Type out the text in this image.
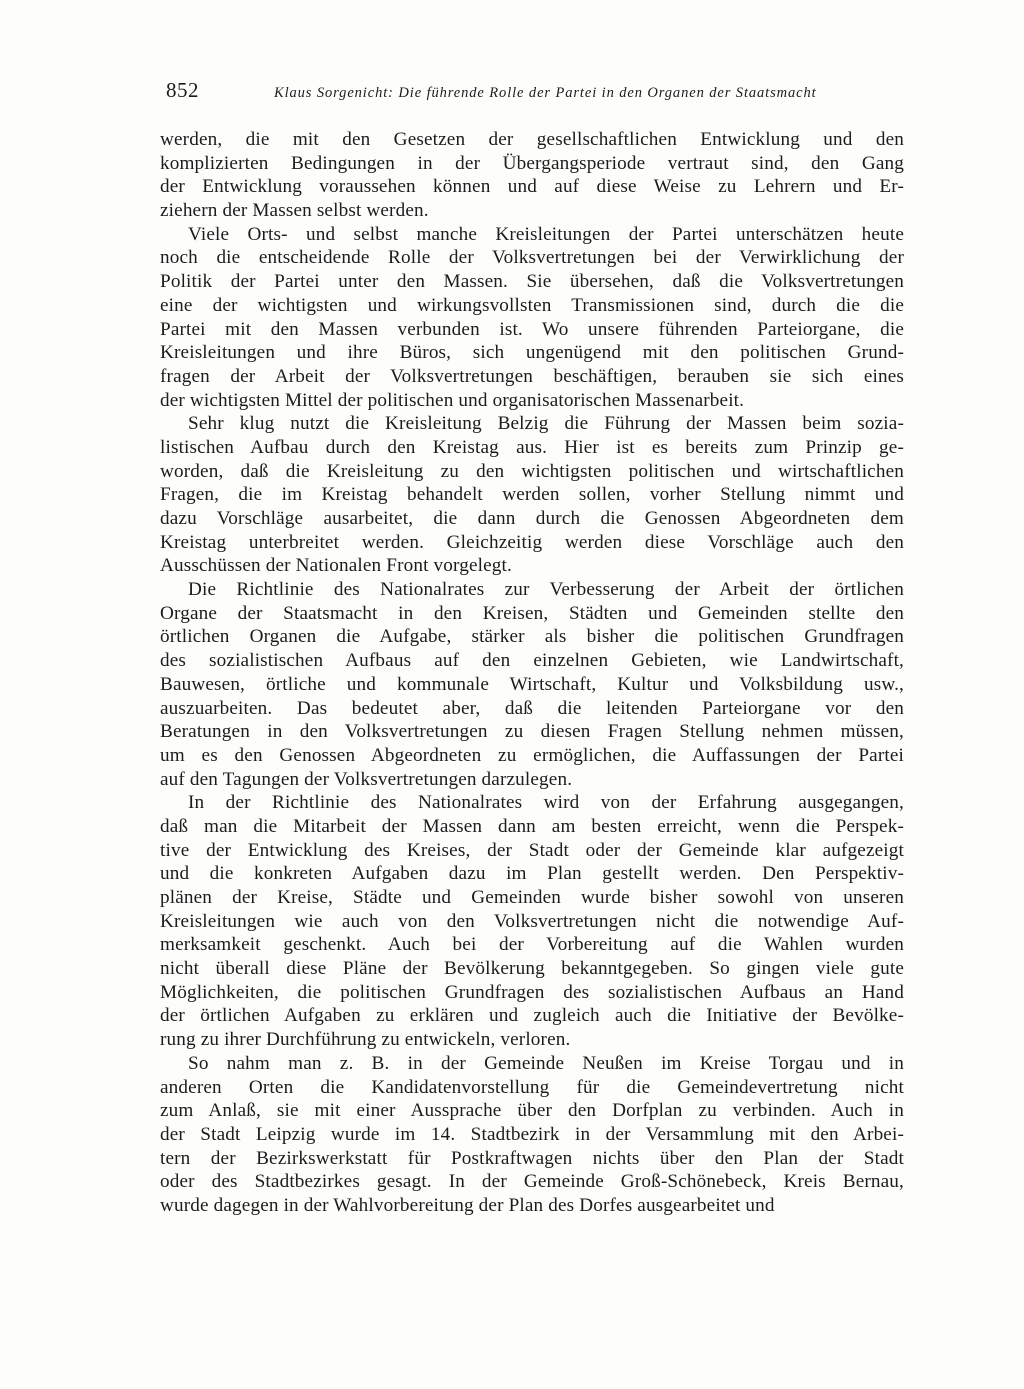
852	Klaus Sorgenicht: Die führende Rolle der Partei in den Organen der Staatsmacht
werden, die mit den Gesetzen der gesellschaftlichen Entwicklung und den
komplizierten Bedingungen in der Übergangsperiode vertraut sind, den Gang
der Entwicklung voraussehen können und auf diese Weise zu Lehrern und Er-
ziehern der Massen selbst werden.
Viele Orts- und selbst manche Kreisleitungen der Partei unterschätzen heute
noch die entscheidende Rolle der Volksvertretungen bei der Verwirklichung der
Politik der Partei unter den Massen. Sie übersehen, daß die Volksvertretungen
eine der wichtigsten und wirkungsvollsten Transmissionen sind, durch die die
Partei mit den Massen verbunden ist. Wo unsere führenden Parteiorgane, die
Kreisleitungen und ihre Büros, sich ungenügend mit den politischen Grund-
fragen der Arbeit der Volksvertretungen beschäftigen, berauben sie sich eines
der wichtigsten Mittel der politischen und organisatorischen Massenarbeit.
Sehr klug nutzt die Kreisleitung Belzig die Führung der Massen beim sozia-
listischen Aufbau durch den Kreistag aus. Hier ist es bereits zum Prinzip ge-
worden, daß die Kreisleitung zu den wichtigsten politischen und wirtschaftlichen
Fragen, die im Kreistag behandelt werden sollen, vorher Stellung nimmt und
dazu Vorschläge ausarbeitet, die dann durch die Genossen Abgeordneten dem
Kreistag unterbreitet werden. Gleichzeitig werden diese Vorschläge auch den
Ausschüssen der Nationalen Front vorgelegt.
Die Richtlinie des Nationalrates zur Verbesserung der Arbeit der örtlichen
Organe der Staatsmacht in den Kreisen, Städten und Gemeinden stellte den
örtlichen Organen die Aufgabe, stärker als bisher die politischen Grundfragen
des sozialistischen Aufbaus auf den einzelnen Gebieten, wie Landwirtschaft,
Bauwesen, örtliche und kommunale Wirtschaft, Kultur und Volksbildung usw.,
auszuarbeiten. Das bedeutet aber, daß die leitenden Parteiorgane vor den
Beratungen in den Volksvertretungen zu diesen Fragen Stellung nehmen müssen,
um es den Genossen Abgeordneten zu ermöglichen, die Auffassungen der Partei
auf den Tagungen der Volksvertretungen darzulegen.
In der Richtlinie des Nationalrates wird von der Erfahrung ausgegangen,
daß man die Mitarbeit der Massen dann am besten erreicht, wenn die Perspek-
tive der Entwicklung des Kreises, der Stadt oder der Gemeinde klar aufgezeigt
und die konkreten Aufgaben dazu im Plan gestellt werden. Den Perspektiv-
plänen der Kreise, Städte und Gemeinden wurde bisher sowohl von unseren
Kreisleitungen wie auch von den Volksvertretungen nicht die notwendige Auf-
merksamkeit geschenkt. Auch bei der Vorbereitung auf die Wahlen wurden
nicht überall diese Pläne der Bevölkerung bekanntgegeben. So gingen viele gute
Möglichkeiten, die politischen Grundfragen des sozialistischen Aufbaus an Hand
der örtlichen Aufgaben zu erklären und zugleich auch die Initiative der Bevölke-
rung zu ihrer Durchführung zu entwickeln, verloren.
So nahm man z. B. in der Gemeinde Neußen im Kreise Torgau und in
anderen Orten die Kandidatenvorstellung für die Gemeindevertretung nicht
zum Anlaß, sie mit einer Aussprache über den Dorfplan zu verbinden. Auch in
der Stadt Leipzig wurde im 14. Stadtbezirk in der Versammlung mit den Arbei-
tern der Bezirkswerkstatt für Postkraftwagen nichts über den Plan der Stadt
oder des Stadtbezirkes gesagt. In der Gemeinde Groß-Schönebeck, Kreis Bernau,
wurde dagegen in der Wahlvorbereitung der Plan des Dorfes ausgearbeitet und
